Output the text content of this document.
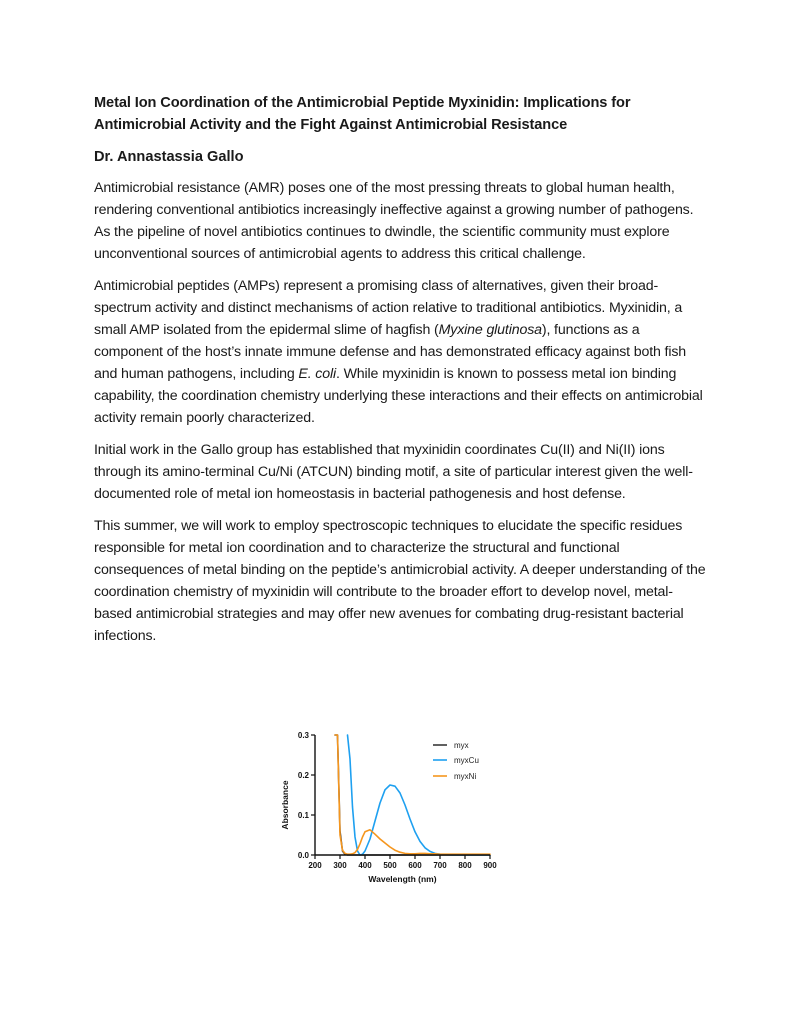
Metal Ion Coordination of the Antimicrobial Peptide Myxinidin: Implications for Antimicrobial Activity and the Fight Against Antimicrobial Resistance
Dr. Annastassia Gallo

Antimicrobial resistance (AMR) poses one of the most pressing threats to global human health, rendering conventional antibiotics increasingly ineffective against a growing number of pathogens. As the pipeline of novel antibiotics continues to dwindle, the scientific community must explore unconventional sources of antimicrobial agents to address this critical challenge.

Antimicrobial peptides (AMPs) represent a promising class of alternatives, given their broad-spectrum activity and distinct mechanisms of action relative to traditional antibiotics. Myxinidin, a small AMP isolated from the epidermal slime of hagfish (Myxine glutinosa), functions as a component of the host’s innate immune defense and has demonstrated efficacy against both fish and human pathogens, including E. coli. While myxinidin is known to possess metal ion binding capability, the coordination chemistry underlying these interactions and their effects on antimicrobial activity remain poorly characterized.

Initial work in the Gallo group has established that myxinidin coordinates Cu(II) and Ni(II) ions through its amino-terminal Cu/Ni (ATCUN) binding motif, a site of particular interest given the well-documented role of metal ion homeostasis in bacterial pathogenesis and host defense.

This summer, we will work to employ spectroscopic techniques to elucidate the specific residues responsible for metal ion coordination and to characterize the structural and functional consequences of metal binding on the peptide’s antimicrobial activity. A deeper understanding of the coordination chemistry of myxinidin will contribute to the broader effort to develop novel, metal-based antimicrobial strategies and may offer new avenues for combating drug-resistant bacterial infections.

0.0
0.1
0.2
0.3
200 300 400 500 600 700 800 900
Wavelength (nm)
Absorbance
myx
myxCu
myxNi
